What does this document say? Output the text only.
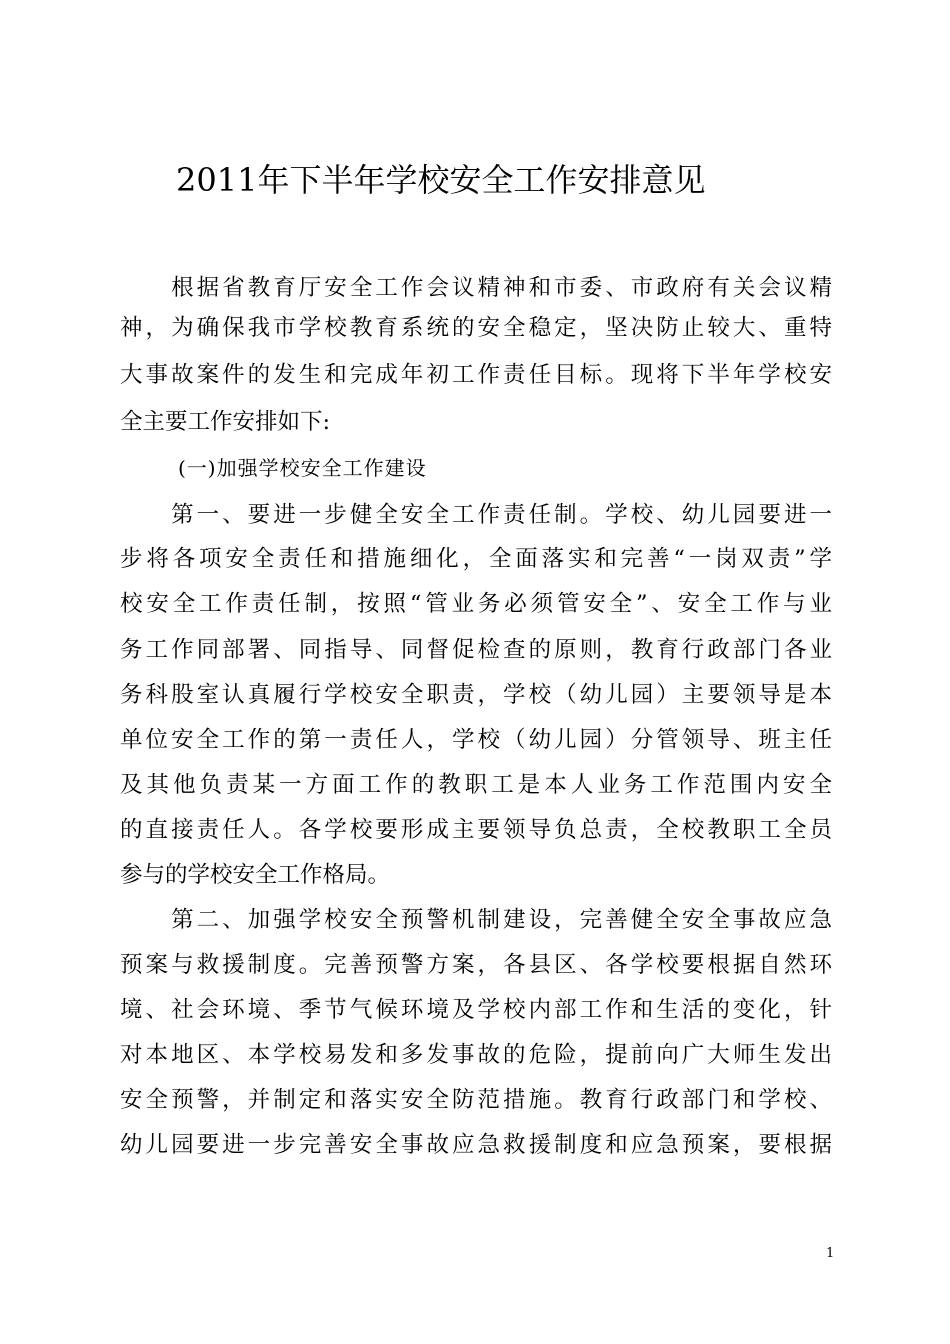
2011年下半年学校安全工作安排意见
　　根据省教育厅安全工作会议精神和市委、市政府有关会议精
神，为确保我市学校教育系统的安全稳定，坚决防止较大、重特
大事故案件的发生和完成年初工作责任目标。现将下半年学校安
全主要工作安排如下:
(一)加强学校安全工作建设
　　第一、要进一步健全安全工作责任制。学校、幼儿园要进一
步将各项安全责任和措施细化，全面落实和完善“一岗双责”学
校安全工作责任制，按照“管业务必须管安全”、安全工作与业
务工作同部署、同指导、同督促检查的原则，教育行政部门各业
务科股室认真履行学校安全职责，学校（幼儿园）主要领导是本
单位安全工作的第一责任人，学校（幼儿园）分管领导、班主任
及其他负责某一方面工作的教职工是本人业务工作范围内安全
的直接责任人。各学校要形成主要领导负总责，全校教职工全员
参与的学校安全工作格局。
　　第二、加强学校安全预警机制建设，完善健全安全事故应急
预案与救援制度。完善预警方案，各县区、各学校要根据自然环
境、社会环境、季节气候环境及学校内部工作和生活的变化，针
对本地区、本学校易发和多发事故的危险，提前向广大师生发出
安全预警，并制定和落实安全防范措施。教育行政部门和学校、
幼儿园要进一步完善安全事故应急救援制度和应急预案，要根据
1
